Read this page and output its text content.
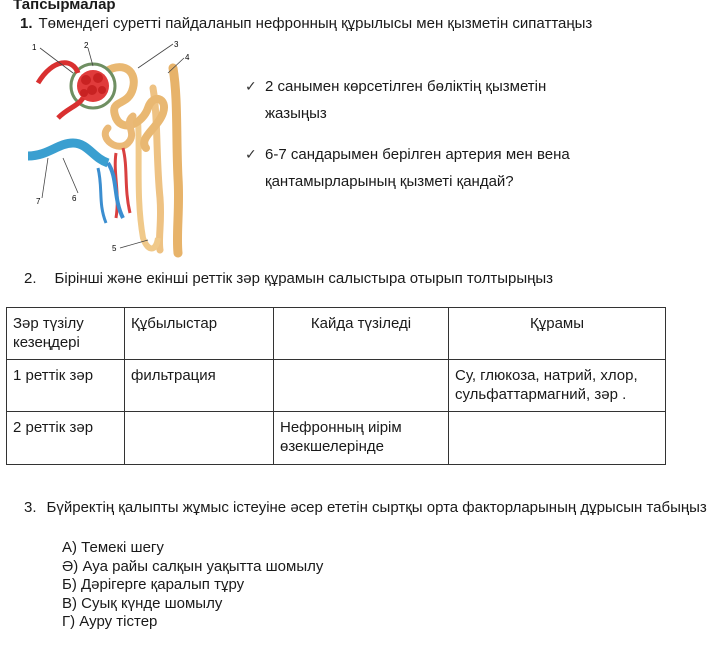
Тапсырмалар
1. Төмендегі суретті пайдаланып нефронның құрылысы мен қызметін сипаттаңыз
1	2	3
4
5
6
7
✓ 2 санымен көрсетілген бөліктің қызметін
жазыңыз
✓ 6-7 сандарымен берілген артерия мен вена
қантамырларының қызметі қандай?
2. Бірінші және екінші реттік зәр құрамын салыстыра отырып толтырыңыз
Зәр түзілу кезеңдері	Құбылыстар	Кайда түзіледі	Құрамы
1 реттік зәр	фильтрация		Су, глюкоза, натрий, хлор, сульфаттармагний, зәр .
2 реттік зәр		Нефронның иірім өзекшелерінде	
3. Бүйректің қалыпты жұмыс істеуіне әсер ететін сыртқы орта факторларының дұрысын табыңыз
А) Темекі шегу
Ә) Ауа райы салқын уақытта шомылу
Б) Дәрігерге қаралып тұру
В) Суық күнде шомылу
Г) Ауру тістер
